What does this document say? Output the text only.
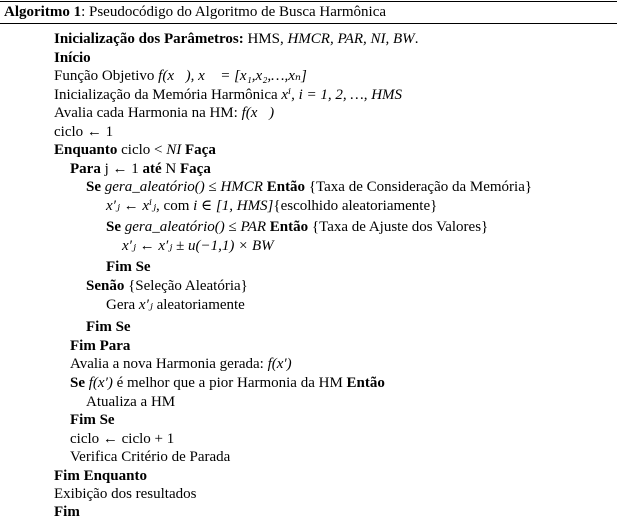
Algoritmo 1: Pseudocódigo do Algoritmo de Busca Harmônica
Inicialização dos Parâmetros: HMS, HMCR, PAR, NI, BW.
Início
Função Objetivo f(x⃗), x⃗ = [x₁,x₂,…,xₙ]
Inicialização da Memória Harmônica xⁱ, i = 1, 2, …, HMS
Avalia cada Harmonia na HM: f(x⃗)
ciclo ← 1
Enquanto ciclo < NI Faça
Para j ← 1 até N Faça
Se gera_aleatório() ≤ HMCR Então {Taxa de Consideração da Memória}
x′ⱼ ← xⁱⱼ, com i ∈ [1, HMS]{escolhido aleatoriamente}
Se gera_aleatório() ≤ PAR Então {Taxa de Ajuste dos Valores}
x′ⱼ ← x′ⱼ ± u(−1,1) × BW
Fim Se
Senão {Seleção Aleatória}
Gera x′ⱼ aleatoriamente
Fim Se
Fim Para
Avalia a nova Harmonia gerada: f(x′)
Se f(x′) é melhor que a pior Harmonia da HM Então
Atualiza a HM
Fim Se
ciclo ← ciclo + 1
Verifica Critério de Parada
Fim Enquanto
Exibição dos resultados
Fim
